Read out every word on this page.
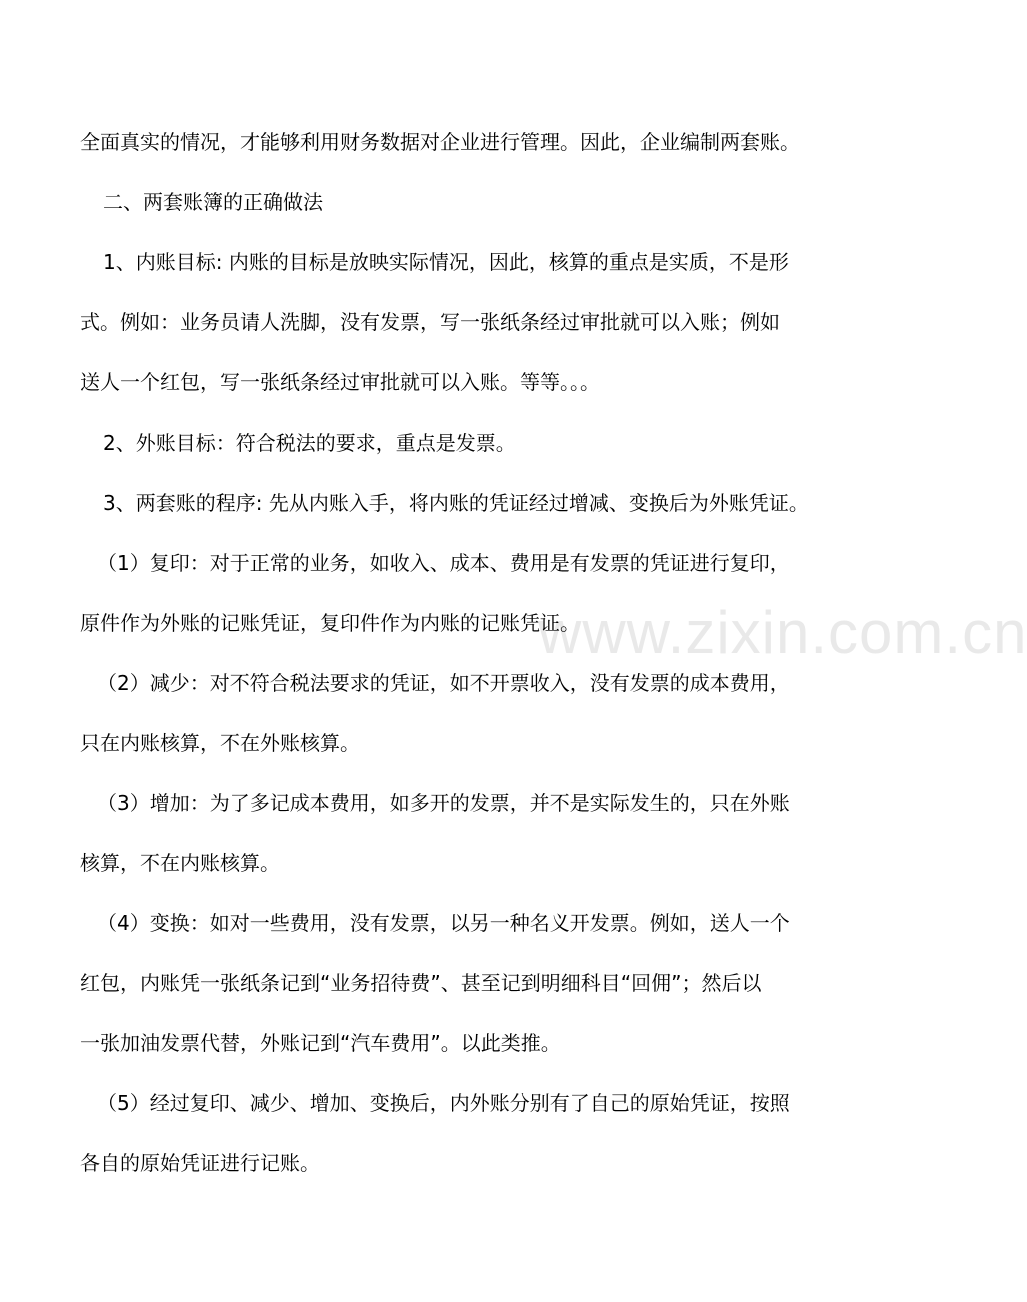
www.zixin.com.cn

全面真实的情况，才能够利用财务数据对企业进行管理。因此，企业编制两套账。

二、两套账簿的正确做法

1、内账目标: 内账的目标是放映实际情况，因此，核算的重点是实质，不是形

式。例如：业务员请人洗脚，没有发票，写一张纸条经过审批就可以入账；例如

送人一个红包，写一张纸条经过审批就可以入账。等等。。。

2、外账目标：符合税法的要求，重点是发票。

3、两套账的程序: 先从内账入手，将内账的凭证经过增减、变换后为外账凭证。

（1）复印：对于正常的业务，如收入、成本、费用是有发票的凭证进行复印，

原件作为外账的记账凭证，复印件作为内账的记账凭证。

（2）减少：对不符合税法要求的凭证，如不开票收入，没有发票的成本费用，

只在内账核算，不在外账核算。

（3）增加：为了多记成本费用，如多开的发票，并不是实际发生的，只在外账

核算，不在内账核算。

（4）变换：如对一些费用，没有发票，以另一种名义开发票。例如，送人一个

红包，内账凭一张纸条记到“业务招待费”、甚至记到明细科目“回佣”；然后以

一张加油发票代替，外账记到“汽车费用”。以此类推。

（5）经过复印、减少、增加、变换后，内外账分别有了自己的原始凭证，按照

各自的原始凭证进行记账。
